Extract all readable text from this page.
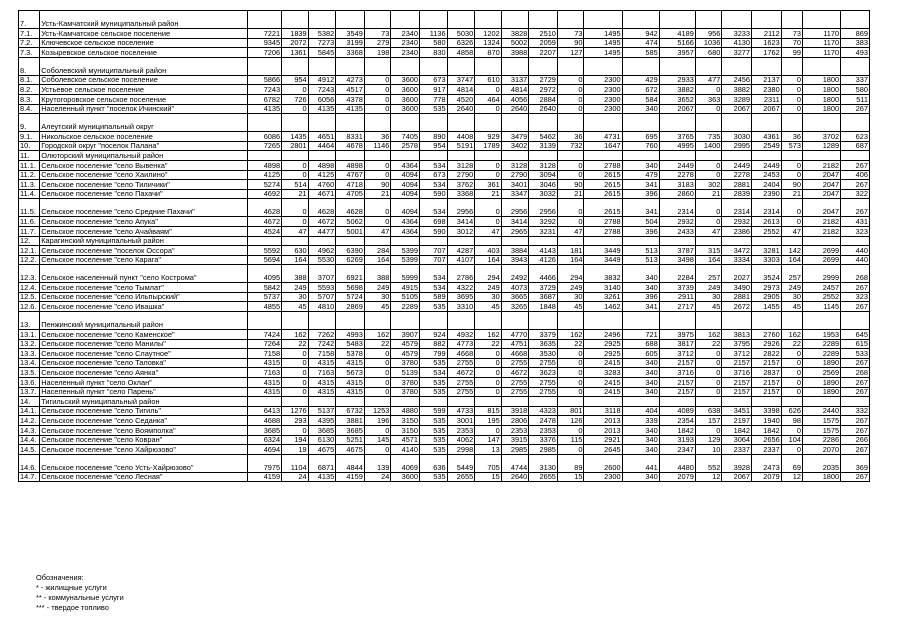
7.	Усть-Камчатский муниципальный район																					
7.1.	Усть-Камчатское сельское поселение	7221	1839	5382	3549	73	2340	1136	5030	1202	3828	2510	73	1495	942	4189	956	3233	2112	73	1170	869
7.2.	Ключевское сельское поселение	9345	2072	7273	3199	279	2340	580	6326	1324	5002	2059	90	1495	474	5166	1036	4130	1623	70	1170	383
7.3.	Козыревское сельское поселение	7206	1361	5845	3368	198	2340	830	4858	870	3988	2207	127	1495	585	3957	680	3277	1762	99	1170	493
8.	Соболевский муниципальный район																					
8.1.	Соболевское сельское поселение	5866	954	4912	4273	0	3600	673	3747	610	3137	2729	0	2300	429	2933	477	2456	2137	0	1800	337
8.2.	Устьевое сельское поселение	7243	0	7243	4517	0	3600	917	4814	0	4814	2972	0	2300	672	3882	0	3882	2380	0	1800	580
8.3.	Крутогоровское сельское поселение	6782	726	6056	4378	0	3600	778	4520	464	4056	2884	0	2300	584	3652	363	3289	2311	0	1800	511
8.4.	Населенный пункт "поселок Ичинский"	4135	0	4135	4135	0	3600	535	2640	0	2640	2640	0	2300	340	2067	0	2067	2067	0	1800	267
9.	Алеутский муниципальный округ																					
9.1.	Никольское сельское поселение	6086	1435	4651	8331	36	7405	890	4408	929	3479	5462	36	4731	695	3765	735	3030	4361	36	3702	623
10.	Городской округ "поселок Палана"	7265	2801	4464	4678	1146	2578	954	5191	1789	3402	3139	732	1647	760	4995	1400	2995	2549	573	1289	687
11.	Олюторский муниципальный район																					
11.1.	Сельское поселение "село Вывенка"	4898	0	4898	4898	0	4364	534	3128	0	3128	3128	0	2788	340	2449	0	2449	2449	0	2182	267
11.2.	Сельское поселение "село Хаилино"	4125	0	4125	4767	0	4094	673	2790	0	2790	3094	0	2615	479	2278	0	2278	2453	0	2047	406
11.3.	Сельское поселение "село Тиличики"	5274	514	4760	4718	90	4094	534	3762	361	3401	3046	90	2615	341	3183	302	2881	2404	90	2047	267
11.4.	Сельское поселение "село Пахачи"	4692	21	4671	4705	21	4094	590	3368	21	3347	3032	21	2615	396	2860	21	2839	2390	21	2047	322
11.5.	Сельское поселение "село Средние Пахачи"	4628	0	4628	4628	0	4094	534	2956	0	2956	2956	0	2615	341	2314	0	2314	2314	0	2047	267
11.6.	Сельское поселение "село Апука"	4672	0	4672	5062	0	4364	698	3414	0	3414	3292	0	2788	504	2932	0	2932	2613	0	2182	431
11.7.	Сельское поселение "село Ачайваям"	4524	47	4477	5001	47	4364	590	3012	47	2965	3231	47	2788	396	2433	47	2386	2552	47	2182	323
12.	Карагинский муниципальный район																					
12.1.	Сельское поселение "поселок Оссора"	5592	630	4962	6390	284	5399	707	4287	403	3884	4143	181	3449	513	3787	315	3472	3281	142	2699	440
12.2.	Сельское поселение "село Карага"	5694	164	5530	6269	164	5399	707	4107	164	3943	4126	164	3449	513	3498	164	3334	3303	164	2699	440
12.3.	Сельское населенный пункт "село Кострома"	4095	388	3707	6921	388	5999	534	2786	294	2492	4466	294	3832	340	2284	257	2027	3524	257	2999	268
12.4.	Сельское поселение "село Тымлат"	5842	249	5593	5698	249	4915	534	4322	249	4073	3729	249	3140	340	3739	249	3490	2973	249	2457	267
12.5.	Сельское поселение "село Ильпырский"	5737	30	5707	5724	30	5105	589	3695	30	3665	3687	30	3261	396	2911	30	2881	2905	30	2552	323
12.6.	Сельское поселение "село Ивашка"	4855	45	4810	2869	45	2289	535	3310	45	3265	1848	45	1462	341	2717	45	2672	1455	45	1145	267
13.	Пенжинский муниципальный район																					
13.1.	Сельское поселение "село Каменское"	7424	162	7262	4993	162	3907	924	4932	162	4770	3379	162	2496	721	3975	162	3813	2760	162	1953	645
13.2.	Сельское поселение "село Манилы"	7264	22	7242	5483	22	4579	882	4773	22	4751	3635	22	2925	688	3817	22	3795	2926	22	2289	615
13.3.	Сельское поселение "село Слаутное"	7158	0	7158	5378	0	4579	799	4668	0	4668	3530	0	2925	605	3712	0	3712	2822	0	2289	533
13.4.	Сельское поселение "село Таловка"	4315	0	4315	4315	0	3780	535	2755	0	2755	2755	0	2415	340	2157	0	2157	2157	0	1890	267
13.5.	Сельское поселение "село Аянка"	7163	0	7163	5673	0	5139	534	4672	0	4672	3623	0	3283	340	3716	0	3716	2837	0	2569	268
13.6.	Населенный пункт "село Оклан"	4315	0	4315	4315	0	3780	535	2755	0	2755	2755	0	2415	340	2157	0	2157	2157	0	1890	267
13.7.	Населенный пункт "село Парень"	4315	0	4315	4315	0	3780	535	2755	0	2755	2755	0	2415	340	2157	0	2157	2157	0	1890	267
14.	Тигильский муниципальный район																					
14.1.	Сельское поселение "село Тигиль"	6413	1276	5137	6732	1253	4880	599	4733	815	3918	4323	801	3118	404	4089	638	3451	3398	626	2440	332
14.2.	Сельское поселение "село Седанка"	4688	293	4395	3881	196	3150	535	3001	195	2806	2478	126	2013	339	2354	157	2197	1940	98	1575	267
14.3.	Сельское поселение "село Воямполка"	3685	0	3685	3685	0	3150	535	2353	0	2353	2353	0	2013	340	1842	0	1842	1842	0	1575	267
14.4.	Сельское поселение "село Ковран"	6324	194	6130	5251	145	4571	535	4062	147	3915	3376	115	2921	340	3193	129	3064	2656	104	2286	266
14.5.	Сельское поселение "село Хайрюзово"	4694	19	4675	4675	0	4140	535	2998	13	2985	2985	0	2645	340	2347	10	2337	2337	0	2070	267
14.6.	Сельское поселение "село Усть-Хайрюзово"	7975	1104	6871	4844	139	4069	636	5449	705	4744	3130	89	2600	441	4480	552	3928	2473	69	2035	369
14.7.	Сельское поселение "село Лесная"	4159	24	4135	4159	24	3600	535	2655	15	2640	2655	15	2300	340	2079	12	2067	2079	12	1800	267
Обозначения:
* - жилищные услуги
** - коммунальные услуги
*** - твердое топливо
